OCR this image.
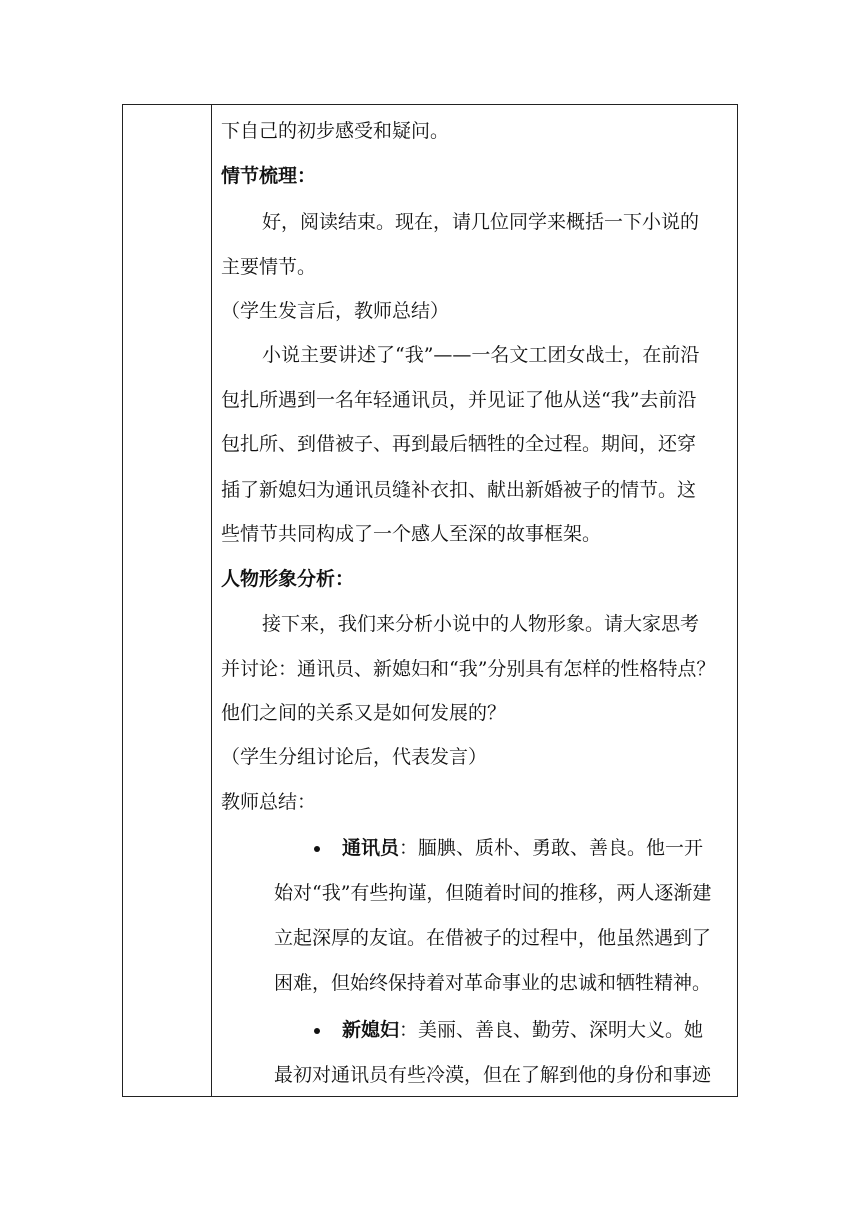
下自己的初步感受和疑问。
情节梳理：
好，阅读结束。现在，请几位同学来概括一下小说的
主要情节。
（学生发言后，教师总结）
小说主要讲述了“我”——一名文工团女战士，在前沿
包扎所遇到一名年轻通讯员，并见证了他从送“我”去前沿
包扎所、到借被子、再到最后牺牲的全过程。期间，还穿
插了新媳妇为通讯员缝补衣扣、献出新婚被子的情节。这
些情节共同构成了一个感人至深的故事框架。
人物形象分析：
接下来，我们来分析小说中的人物形象。请大家思考
并讨论：通讯员、新媳妇和“我”分别具有怎样的性格特点？
他们之间的关系又是如何发展的？
（学生分组讨论后，代表发言）
教师总结：
通讯员：腼腆、质朴、勇敢、善良。他一开
始对“我”有些拘谨，但随着时间的推移，两人逐渐建
立起深厚的友谊。在借被子的过程中，他虽然遇到了
困难，但始终保持着对革命事业的忠诚和牺牲精神。
新媳妇：美丽、善良、勤劳、深明大义。她
最初对通讯员有些冷漠，但在了解到他的身份和事迹
